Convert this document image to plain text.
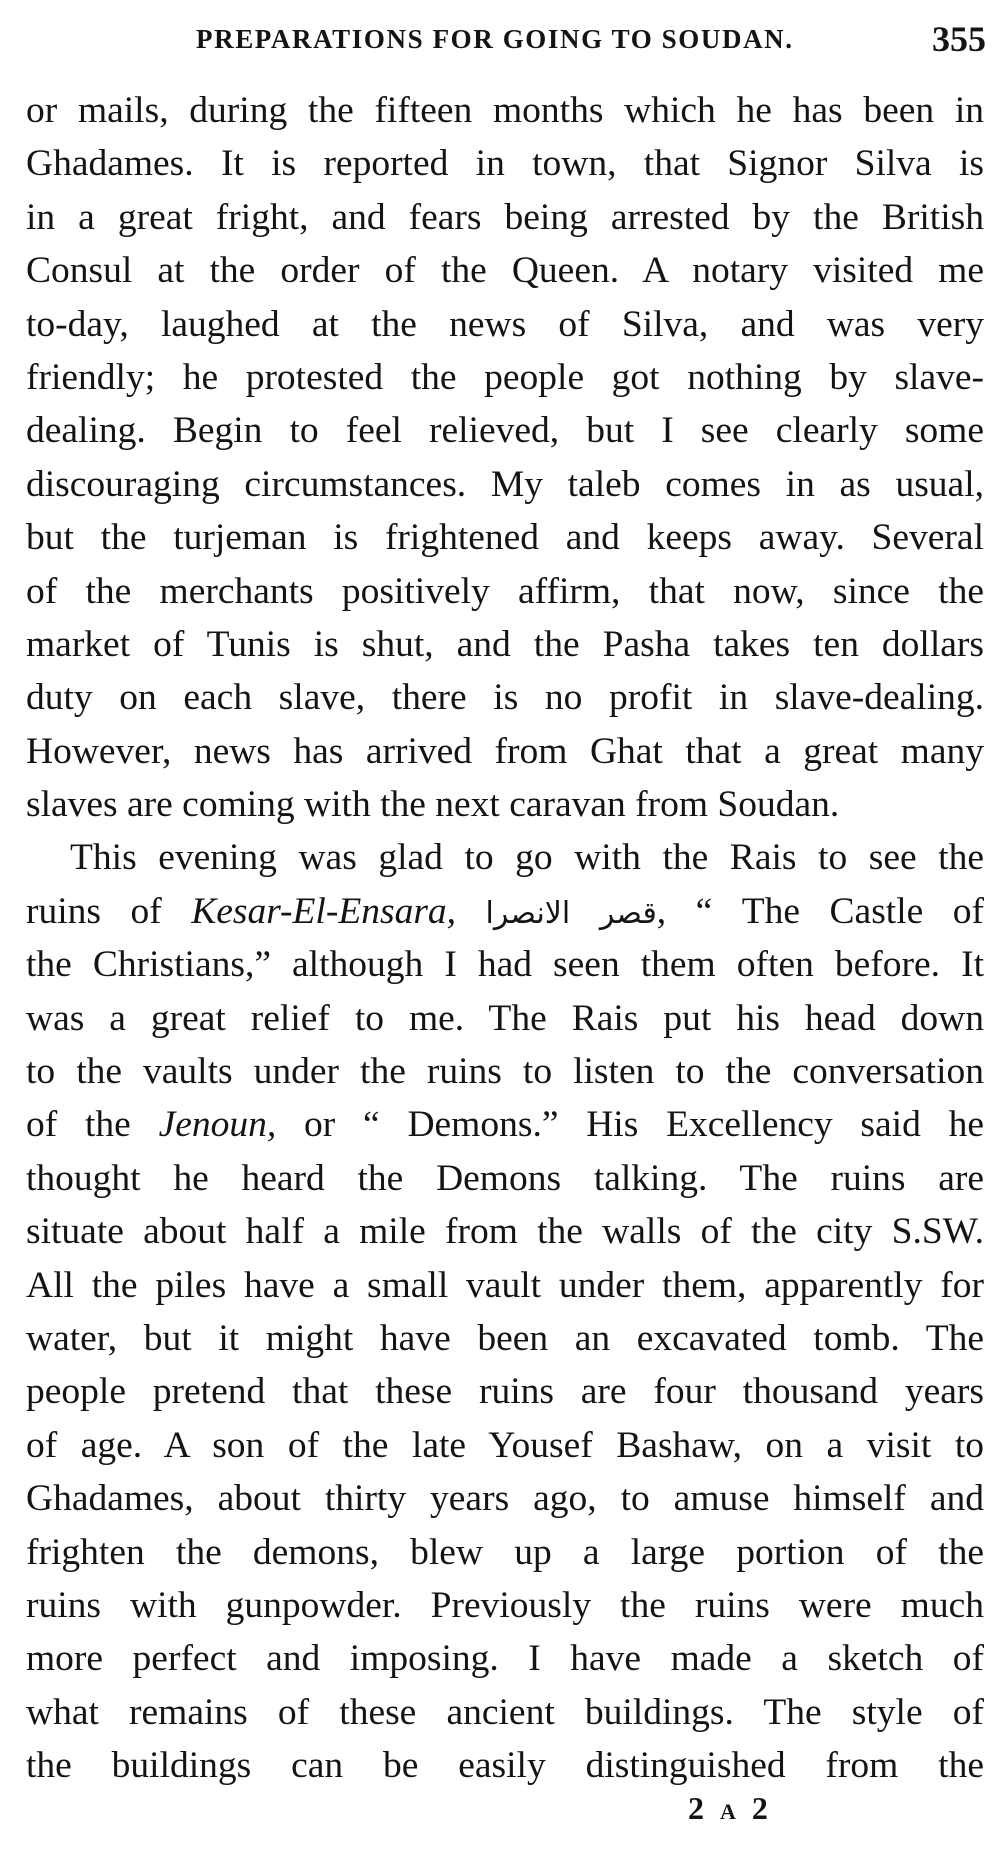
PREPARATIONS FOR GOING TO SOUDAN.	355
or mails, during the fifteen months which he has been in
Ghadames. It is reported in town, that Signor Silva is
in a great fright, and fears being arrested by the British
Consul at the order of the Queen. A notary visited me
to-day, laughed at the news of Silva, and was very
friendly; he protested the people got nothing by slave-
dealing. Begin to feel relieved, but I see clearly some
discouraging circumstances. My taleb comes in as usual,
but the turjeman is frightened and keeps away. Several
of the merchants positively affirm, that now, since the
market of Tunis is shut, and the Pasha takes ten dollars
duty on each slave, there is no profit in slave-dealing.
However, news has arrived from Ghat that a great many
slaves are coming with the next caravan from Soudan.
This evening was glad to go with the Rais to see the
ruins of Kesar-El-Ensara, قصر الانصرا, “ The Castle of
the Christians,” although I had seen them often before. It
was a great relief to me. The Rais put his head down
to the vaults under the ruins to listen to the conversation
of the Jenoun, or “ Demons.” His Excellency said he
thought he heard the Demons talking. The ruins are
situate about half a mile from the walls of the city S.SW.
All the piles have a small vault under them, apparently for
water, but it might have been an excavated tomb. The
people pretend that these ruins are four thousand years
of age. A son of the late Yousef Bashaw, on a visit to
Ghadames, about thirty years ago, to amuse himself and
frighten the demons, blew up a large portion of the
ruins with gunpowder. Previously the ruins were much
more perfect and imposing. I have made a sketch of
what remains of these ancient buildings. The style of
the buildings can be easily distinguished from the
2 A 2
